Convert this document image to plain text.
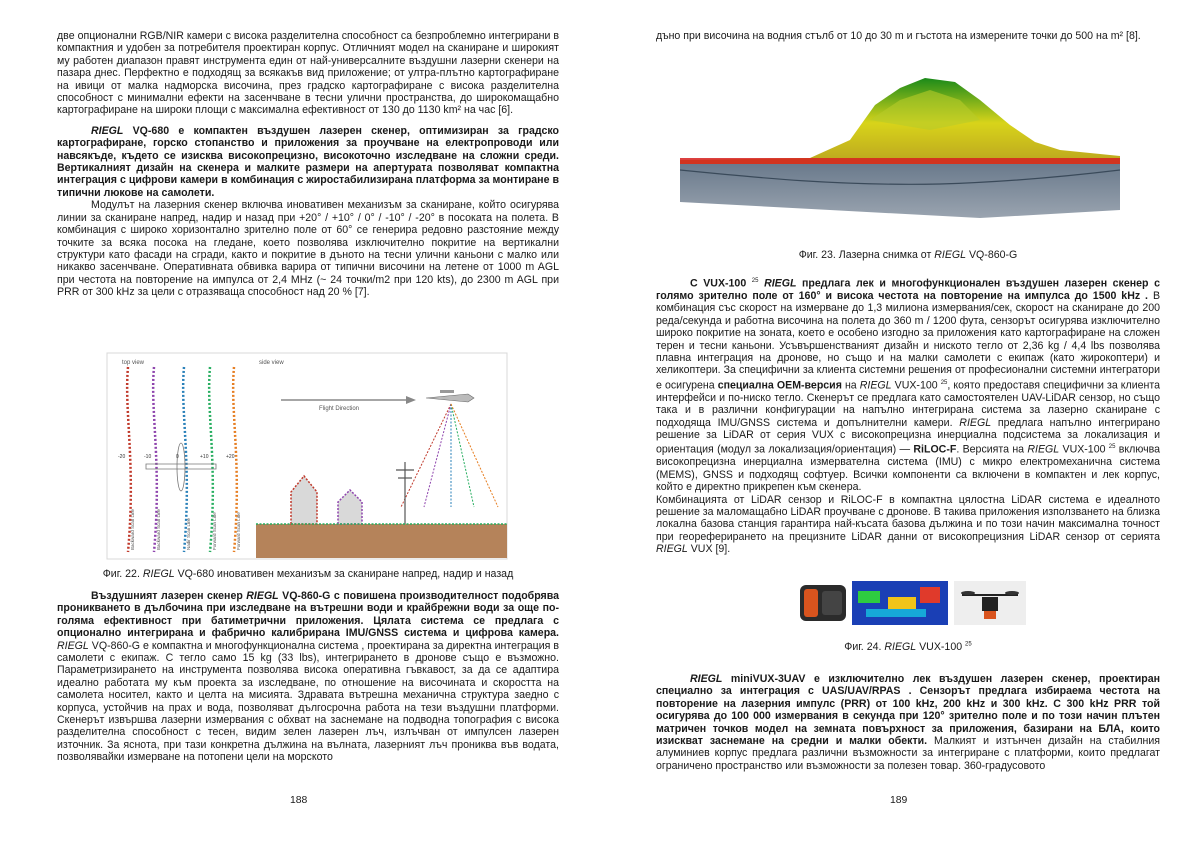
две опционални RGB/NIR камери с висока разделителна способност са безпроблемно интегрирани в компактния и удобен за потребителя проектиран корпус. Отличният модел на сканиране и широкият му работен диапазон правят инструмента един от най-универсалните въздушни лазерни скенери на пазара днес. Перфектно е подходящ за всякакъв вид приложение; от ултра-плътно картографиране на ивици от малка надморска височина, през градско картографиране с висока разделителна способност с минимални ефекти на засенчване в тесни улични пространства, до широкомащабно картографиране на широки площи с максимална ефективност от 130 до 1130 km² на час [6].

RIEGL VQ-680 е компактен въздушен лазерен скенер, оптимизиран за градско картографиране, горско стопанство и приложения за проучване на електропроводи или навсякъде, където се изисква високопрецизно, високоточно изследване на сложни среди. Вертикалният дизайн на скенера и малките размери на апертурата позволяват компактна интеграция с цифрови камери в комбинация с жиростабилизирана платформа за монтиране в типични люкове на самолети.

Модулът на лазерния скенер включва иновативен механизъм за сканиране, който осигурява линии за сканиране напред, надир и назад при +20° / +10° / 0° / -10° / -20° в посоката на полета. В комбинация с широко хоризонтално зрително поле от 60° се генерира редовно разстояние между точките за всяка посока на гледане, което позволява изключително покритие на вертикални структури като фасади на сгради, както и покритие в дъното на тесни улични каньони с малко или никакво засенчване. Оперативната обвивка варира от типични височини на летене от 1000 m AGL при честота на повторение на импулса от 2,4 MHz (~ 24 точки/m2 при 120 kts), до 2300 m AGL при PRR от 300 kHz за цели с отразяваща способност над 20 % [7].

top view	side view
-20	-10	0	+10	+20
Backward Scan Line	Backward Scan Line	Nadir Scan Line	Forward Scan Line	Forward Scan Line
Flight Direction
Фиг. 22. RIEGL VQ-680 иновативен механизъм за сканиране напред, надир и назад

Въздушният лазерен скенер RIEGL VQ-860-G с повишена производителност подобрява проникването в дълбочина при изследване на вътрешни води и крайбрежни води за още по-голяма ефективност при батиметрични приложения. Цялата система се предлага с опционално интегрирана и фабрично калибрирана IMU/GNSS система и цифрова камера. RIEGL VQ-860-G е компактна и многофункционална система , проектирана за директна интеграция в самолети с екипаж. С тегло само 15 kg (33 lbs), интегрирането в дронове също е възможно. Параметризирането на инструмента позволява висока оперативна гъвкавост, за да се адаптира идеално работата му към проекта за изследване, по отношение на височината и скоростта на самолета носител, както и целта на мисията. Здравата вътрешна механична структура заедно с корпуса, устойчив на прах и вода, позволяват дългосрочна работа на тези въздушни платформи. Скенерът извършва лазерни измервания с обхват на заснемане на подводна топография с висока разделителна способност с тесен, видим зелен лазерен лъч, излъчван от импулсен лазерен източник. За яснота, при тази конкретна дължина на вълната, лазерният лъч прониква във водата, позволявайки измерване на потопени цели на морското

188

дъно при височина на водния стълб от 10 до 30 m и гъстота на измерените точки до 500 на m² [8].

Фиг. 23. Лазерна снимка от RIEGL VQ-860-G

С VUX-100 $^{25}$ RIEGL предлага лек и многофункционален въздушен лазерен скенер с голямо зрително поле от 160° и висока честота на повторение на импулса до 1500 kHz . В комбинация със скорост на измерване до 1,3 милиона измервания/сек, скорост на сканиране до 200 реда/секунда и работна височина на полета до 360 m / 1200 фута, сензорът осигурява изключително широко покритие на зоната, което е особено изгодно за приложения като картографиране на сложен терен и тесни каньони. Усъвършенстваният дизайн и ниското тегло от 2,36 kg / 4,4 lbs позволява плавна интеграция на дронове, но също и на малки самолети с екипаж (като жирокоптери) и хеликоптери. За специфични за клиента системни решения от професионални системни интегратори е осигурена специална OEM-версия на RIEGL VUX-100 $^{25}$, която предоставя специфични за клиента интерфейси и по-ниско тегло. Скенерът се предлага като самостоятелен UAV-LiDAR сензор, но също така и в различни конфигурации на напълно интегрирана система за лазерно сканиране с подходяща IMU/GNSS система и допълнителни камери. RIEGL предлага напълно интегрирано решение за LiDAR от серия VUX с високопрецизна инерциална подсистема за локализация и ориентация (модул за локализация/ориентация) — RiLOC-F. Версията на RIEGL VUX-100 $^{25}$ включва високопрецизна инерциална измервателна система (IMU) с микро електромеханична система (MEMS), GNSS и подходящ софтуер. Всички компоненти са включени в компактен и лек корпус, който е директно прикрепен към скенера.

Комбинацията от LiDAR сензор и RiLOC-F в компактна цялостна LiDAR система е идеалното решение за маломащабно LiDAR проучване с дронове. В такива приложения използването на близка локална базова станция гарантира най-късата базова дължина и по този начин максимална точност при геореферирането на прецизните LiDAR данни от високопрецизния LiDAR сензор от серията RIEGL VUX [9].

Фиг. 24. RIEGL VUX-100 $^{25}$

RIEGL miniVUX-3UAV е изключително лек въздушен лазерен скенер, проектиран специално за интеграция с UAS/UAV/RPAS . Сензорът предлага избираема честота на повторение на лазерния импулс (PRR) от 100 kHz, 200 kHz и 300 kHz. С 300 kHz PRR той осигурява до 100 000 измервания в секунда при 120° зрително поле и по този начин плътен матричен точков модел на земната повърхност за приложения, базирани на БЛА, които изискват заснемане на средни и малки обекти. Малкият и изтънчен дизайн на стабилния алуминиев корпус предлага различни възможности за интегриране с платформи, които предлагат ограничено пространство или възможности за полезен товар. 360-градусовото

189
